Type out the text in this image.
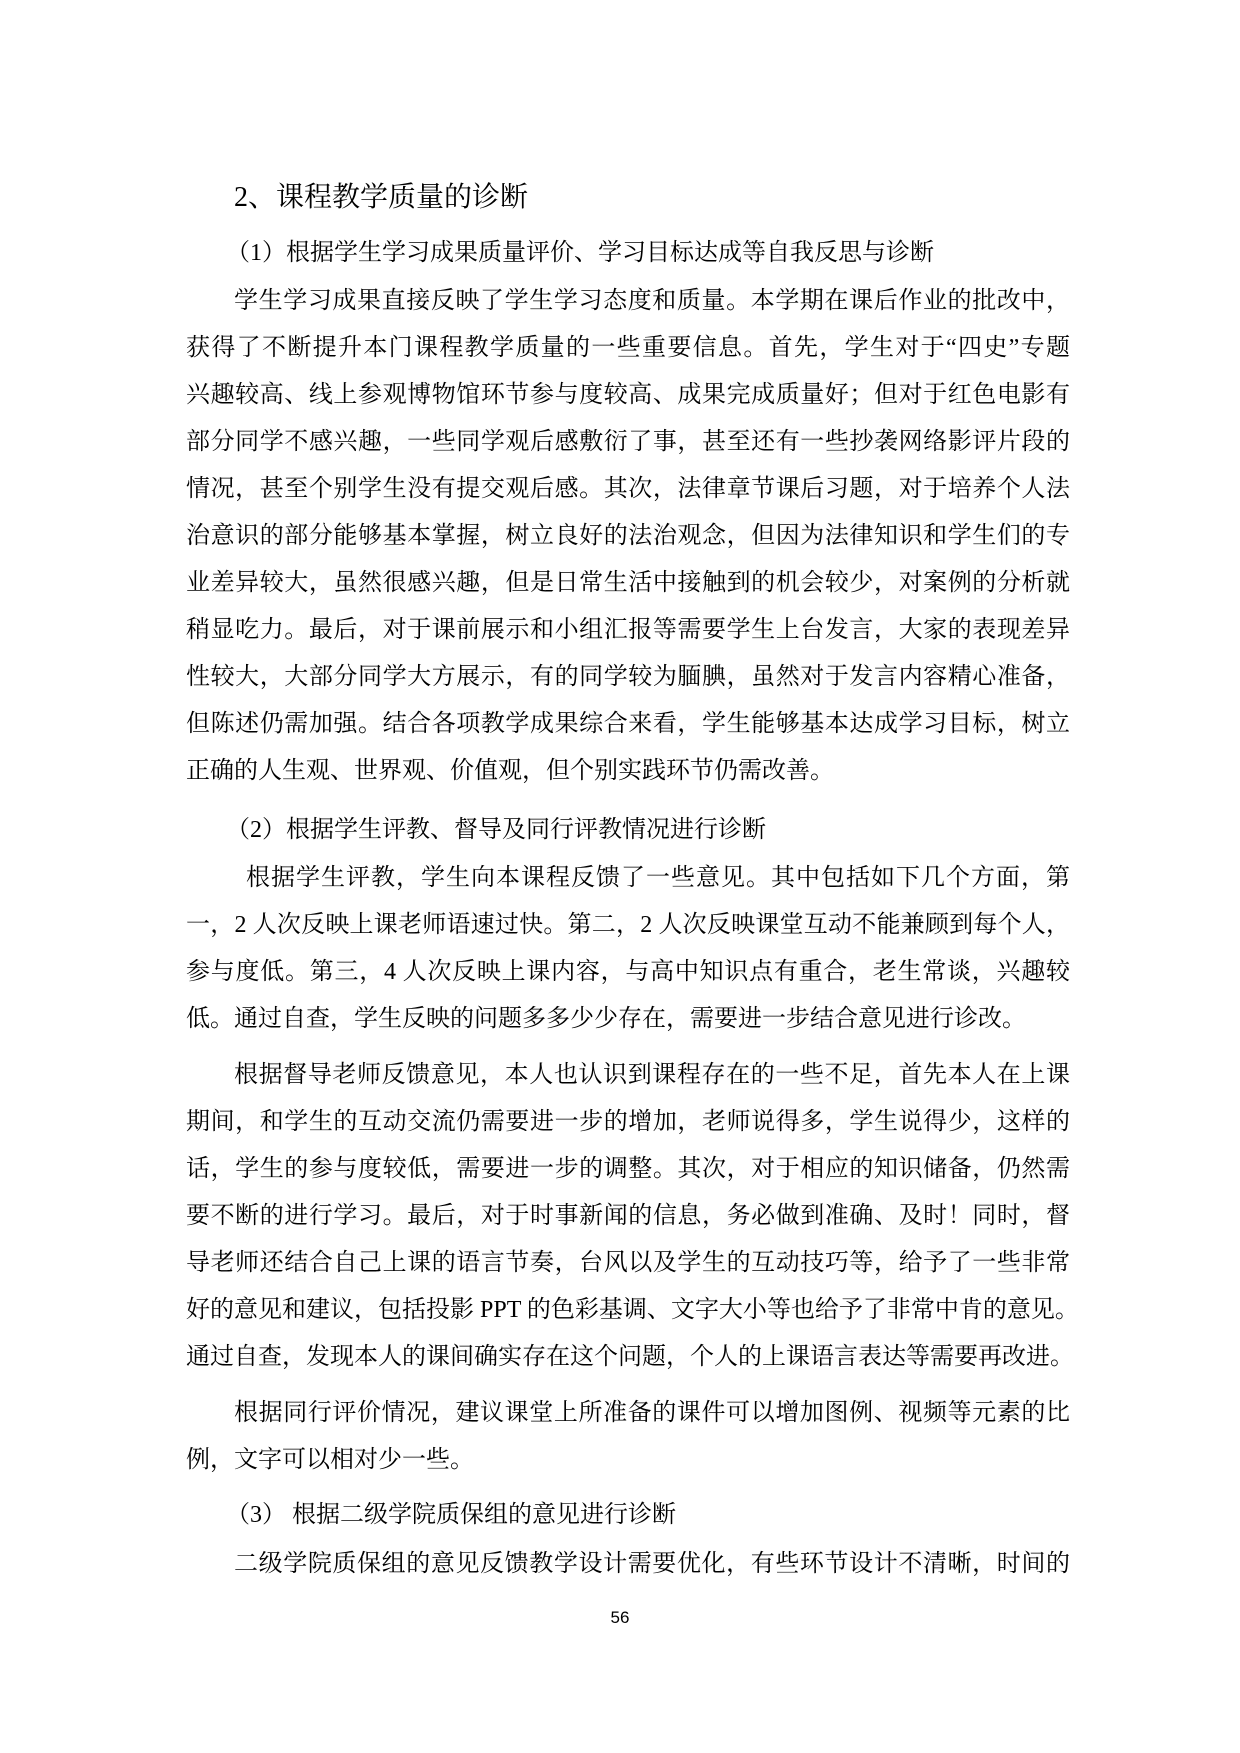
2、课程教学质量的诊断
（1）根据学生学习成果质量评价、学习目标达成等自我反思与诊断
学生学习成果直接反映了学生学习态度和质量。本学期在课后作业的批改中，
获得了不断提升本门课程教学质量的一些重要信息。首先，学生对于“四史”专题
兴趣较高、线上参观博物馆环节参与度较高、成果完成质量好；但对于红色电影有
部分同学不感兴趣，一些同学观后感敷衍了事，甚至还有一些抄袭网络影评片段的
情况，甚至个别学生没有提交观后感。其次，法律章节课后习题，对于培养个人法
治意识的部分能够基本掌握，树立良好的法治观念，但因为法律知识和学生们的专
业差异较大，虽然很感兴趣，但是日常生活中接触到的机会较少，对案例的分析就
稍显吃力。最后，对于课前展示和小组汇报等需要学生上台发言，大家的表现差异
性较大，大部分同学大方展示，有的同学较为腼腆，虽然对于发言内容精心准备，
但陈述仍需加强。结合各项教学成果综合来看，学生能够基本达成学习目标，树立
正确的人生观、世界观、价值观，但个别实践环节仍需改善。
（2）根据学生评教、督导及同行评教情况进行诊断
根据学生评教，学生向本课程反馈了一些意见。其中包括如下几个方面，第
一，2 人次反映上课老师语速过快。第二，2 人次反映课堂互动不能兼顾到每个人，
参与度低。第三，4 人次反映上课内容，与高中知识点有重合，老生常谈，兴趣较
低。通过自查，学生反映的问题多多少少存在，需要进一步结合意见进行诊改。
根据督导老师反馈意见，本人也认识到课程存在的一些不足，首先本人在上课
期间，和学生的互动交流仍需要进一步的增加，老师说得多，学生说得少，这样的
话，学生的参与度较低，需要进一步的调整。其次，对于相应的知识储备，仍然需
要不断的进行学习。最后，对于时事新闻的信息，务必做到准确、及时！同时，督
导老师还结合自己上课的语言节奏，台风以及学生的互动技巧等，给予了一些非常
好的意见和建议，包括投影 PPT 的色彩基调、文字大小等也给予了非常中肯的意见。
通过自查，发现本人的课间确实存在这个问题，个人的上课语言表达等需要再改进。
根据同行评价情况，建议课堂上所准备的课件可以增加图例、视频等元素的比
例，文字可以相对少一些。
（3） 根据二级学院质保组的意见进行诊断
二级学院质保组的意见反馈教学设计需要优化，有些环节设计不清晰，时间的
56
